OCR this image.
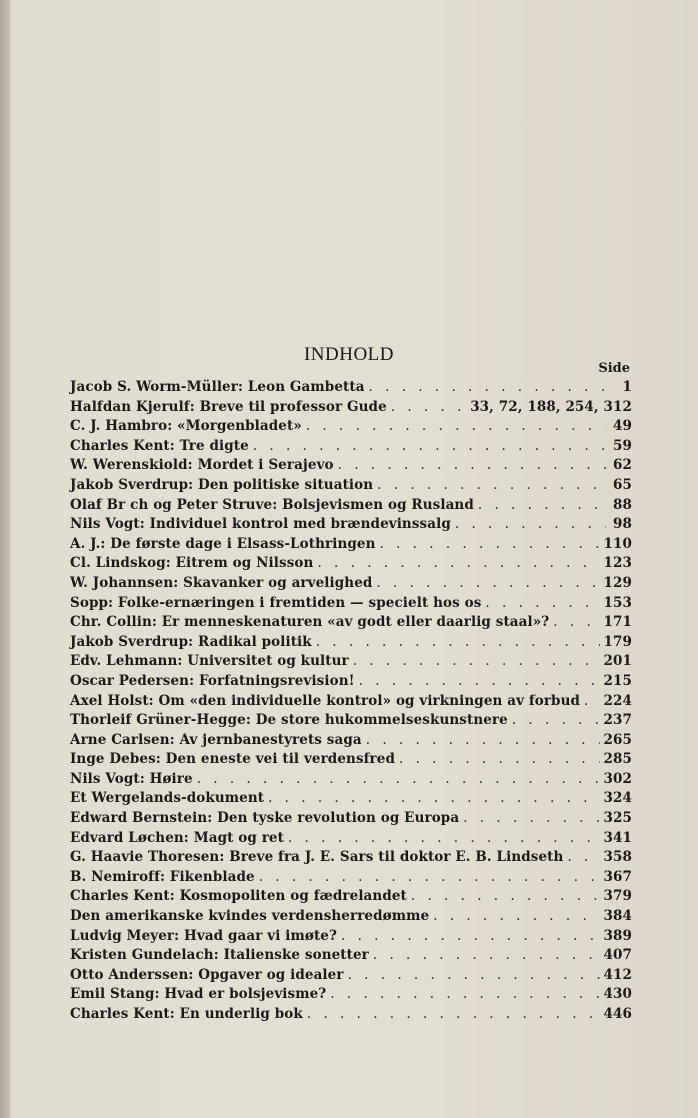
INDHOLD
Side
Jacob S. Worm-Müller: Leon Gambetta . . .	1
Halfdan Kjerulf: Breve til professor Gude . . .	33, 72, 188, 254, 312
C. J. Hambro: «Morgenbladet» . . .	49
Charles Kent: Tre digte . . .	59
W. Werenskiold: Mordet i Serajevo . . .	62
Jakob Sverdrup: Den politiske situation . . .	65
Olaf Br ch og Peter Struve: Bolsjevismen og Rusland . . .	88
Nils Vogt: Individuel kontrol med brændevinssalg . . .	98
A. J.: De første dage i Elsass-Lothringen . . .	110
Cl. Lindskog: Eitrem og Nilsson . . .	123
W. Johannsen: Skavanker og arvelighed . . .	129
Sopp: Folke-ernæringen i fremtiden — specielt hos os . . .	153
Chr. Collin: Er menneskenaturen «av godt eller daarlig staal»? . . .	171
Jakob Sverdrup: Radikal politik . . .	179
Edv. Lehmann: Universitet og kultur . . .	201
Oscar Pedersen: Forfatningsrevision! . . .	215
Axel Holst: Om «den individuelle kontrol» og virkningen av forbud . . . 224
Thorleif Grüner-Hegge: De store hukommelseskunstnere . . .	237
Arne Carlsen: Av jernbanestyrets saga . . .	265
Inge Debes: Den eneste vei til verdensfred . . .	285
Nils Vogt: Høire . . .	302
Et Wergelands-dokument . . .	324
Edward Bernstein: Den tyske revolution og Europa . . .	325
Edvard Løchen: Magt og ret . . .	341
G. Haavie Thoresen: Breve fra J. E. Sars til doktor E. B. Lindseth . . .	358
B. Nemiroff: Fikenblade . . .	367
Charles Kent: Kosmopoliten og fædrelandet . . .	379
Den amerikanske kvindes verdensherredømme . . .	384
Ludvig Meyer: Hvad gaar vi imøte? . . .	389
Kristen Gundelach: Italienske sonetter . . .	407
Otto Anderssen: Opgaver og idealer . . .	412
Emil Stang: Hvad er bolsjevisme? . . .	430
Charles Kent: En underlig bok . . .	446
